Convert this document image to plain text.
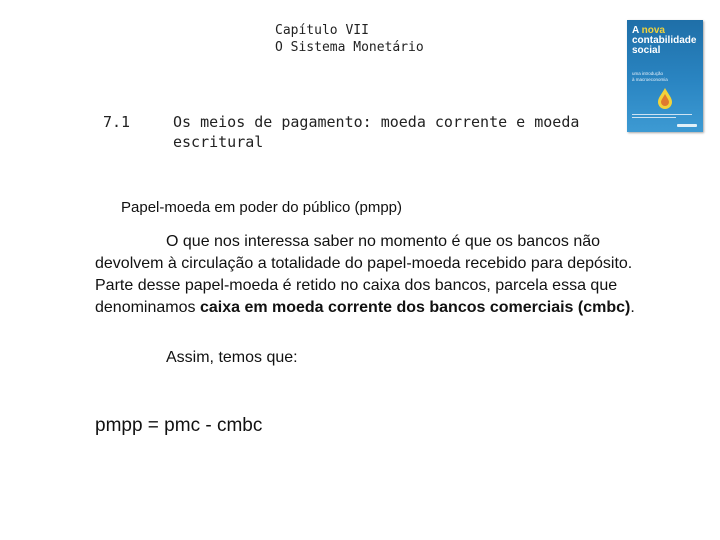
Capítulo VII
O Sistema Monetário
A nova
contabilidade
social
uma introdução
à macroeconomia
7.1	Os meios de pagamento: moeda corrente e moeda escritural
Papel-moeda em poder do público (pmpp)
O que nos interessa saber no momento é que os bancos não devolvem à circulação a totalidade do papel-moeda recebido para depósito. Parte desse papel-moeda é retido no caixa dos bancos, parcela essa que denominamos caixa em moeda corrente dos bancos comerciais (cmbc).
Assim, temos que:
pmpp = pmc - cmbc
